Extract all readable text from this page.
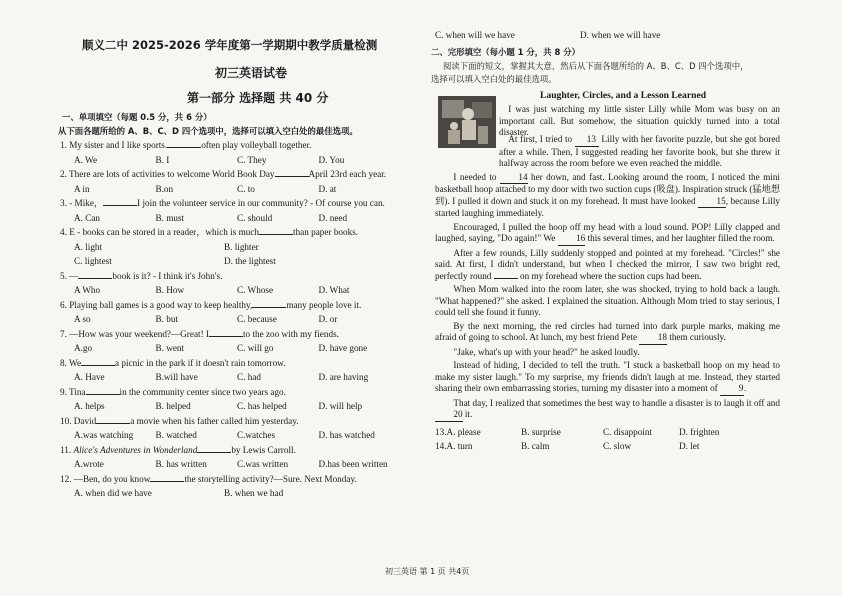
顺义二中 2025-2026 学年度第一学期期中教学质量检测
初三英语试卷
第一部分 选择题 共 40 分
一、单项填空（每题 0.5 分，共 6 分）
从下面各题所给的 A、B、C、D 四个选项中，选择可以填入空白处的最佳选项。
1. My sister and I like sports.	often play volleyball together.
A. We	B. I	C. They	D. You
2. There are lots of activities to welcome World Book Day	April 23rd each year.
A in	B.on	C. to	D. at
3. - Mike，	I join the volunteer service in our community? - Of course you can.
A. Can	B. must	C. should	D. need
4. E - books can be stored in a reader，which is much	than paper books.
A. light	B. lighter
C. lightest	D. the lightest
5. —	book is it? - I think it's John's.
A Who	B. How	C. Whose	D. What
6. Playing ball games is a good way to keep healthy,	many people love it.
A so	B. but	C. because	D. or
7. —How was your weekend?—Great! I	to the zoo with my fiends.
A.go	B. went	C. will go	D. have gone
8. We	a picnic in the park if it doesn't rain tomorrow.
A. Have	B.will have	C. had	D. are having
9. Tina	in the community center since two years ago.
A. helps	B. helped	C. has helped	D. will help
10. David	a movie when his father called him yesterday.
A.was watching	B. watched	C.watches	D. has watched
11. Alice's Adventures in Wonderland	by Lewis Carroll.
A.wrote	B. has written	C.was written	D.has been written
12. —Ben, do you know	the storytelling activity?—Sure. Next Monday.
A. when did we have	B. when we had
C. when will we have	D. when we will have
二、完形填空（每小题 1 分，共 8 分）
阅读下面的短文，掌握其大意，然后从下面各题所给的 A、B、C、D 四个选项中，
选择可以填入空白处的最佳选项。
Laughter, Circles, and a Lesson Learned

I was just watching my little sister Lilly while Mom was busy on an important call. But somehow, the situation quickly turned into a total disaster.

At first, I tried to 13 Lilly with her favorite puzzle, but she got bored after a while. Then, I suggested reading her favorite book, but she threw it halfway across the room before we even reached the middle.

I needed to 14 her down, and fast. Looking around the room, I noticed the mini basketball hoop attached to my door with two suction cups (吸盘). Inspiration struck (猛地想到). I pulled it down and stuck it on my forehead. It must have looked 15, because Lilly started laughing immediately.

Encouraged, I pulled the hoop off my head with a loud sound. POP! Lilly clapped and laughed, saying, "Do again!" We 16 this several times, and her laughter filled the room.

After a few rounds, Lilly suddenly stopped and pointed at my forehead. "Circles!" she said. At first, I didn't understand, but when I checked the mirror, I saw two bright red, perfectly round	on my forehead where the suction cups had been.

When Mom walked into the room later, she was shocked, trying to hold back a laugh. "What happened?" she asked. I explained the situation. Although Mom tried to stay serious, I could tell she found it funny.

By the next morning, the red circles had turned into dark purple marks, making me afraid of going to school. At lunch, my best friend Pete 18 them curiously.

"Jake, what's up with your head?" he asked loudly.

Instead of hiding, I decided to tell the truth. "I stuck a basketball hoop on my head to make my sister laugh." To my surprise, my friends didn't laugh at me. Instead, they started sharing their own embarrassing stories, turning my disaster into a moment of 9.

That day, I realized that sometimes the best way to handle a disaster is to laugh it off and 20 it.

13.A. please	B. surprise	C. disappoint	D. frighten
14.A. turn	B. calm	C. slow	D. let
初三英语 第 1 页 共4页
